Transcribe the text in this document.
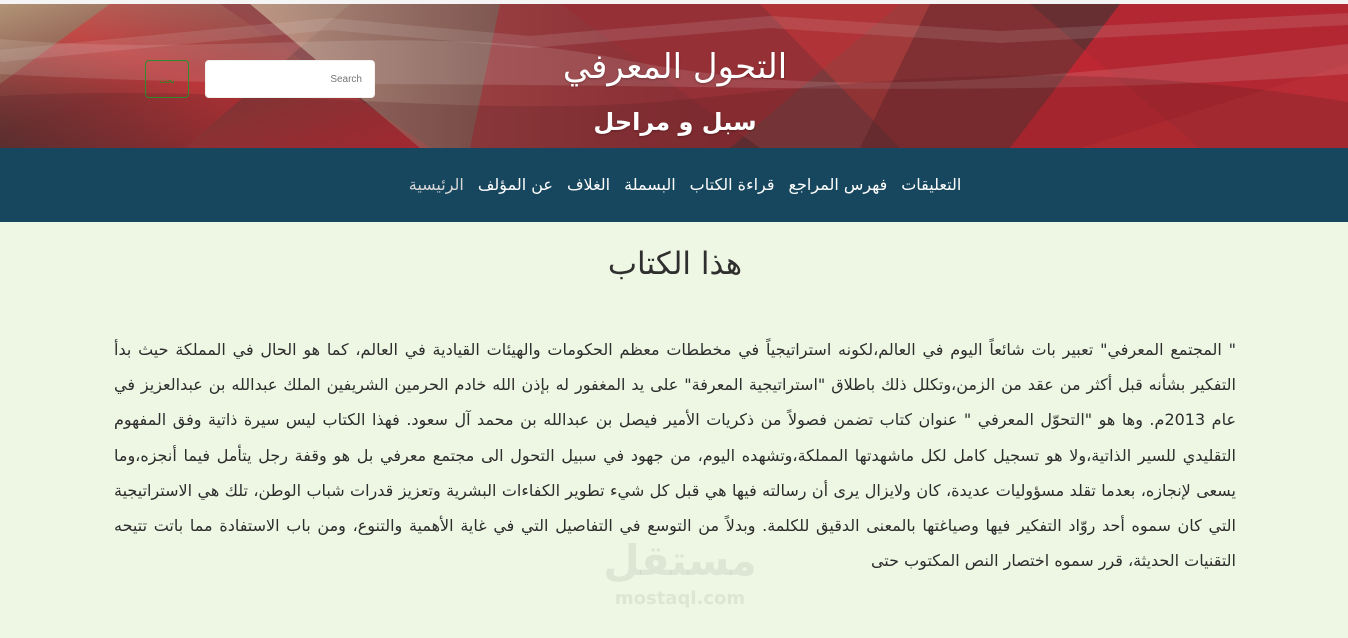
التحول المعرفي
سبل و مراحل
بحث
Search
الرئيسية عن المؤلف الغلاف البسملة قراءة الكتاب فهرس المراجع التعليقات
هذا الكتاب

" المجتمع المعرفي" تعبير بات شائعاً اليوم في العالم،لكونه استراتيجياً في مخططات معظم الحكومات والهيئات القيادية في العالم، كما هو الحال في المملكة حيث بدأ التفكير بشأنه قبل أكثر من عقد من الزمن،وتكلل ذلك باطلاق "استراتيجية المعرفة" على يد المغفور له بإذن الله خادم الحرمين الشريفين الملك عبدالله بن عبدالعزيز في عام 2013م. وها هو "التحوّل المعرفي " عنوان كتاب تضمن فصولاً من ذكريات الأمير فيصل بن عبدالله بن محمد آل سعود. فهذا الكتاب ليس سيرة ذاتية وفق المفهوم التقليدي للسير الذاتية،ولا هو تسجيل كامل لكل ماشهدتها المملكة،وتشهده اليوم، من جهود في سبيل التحول الى مجتمع معرفي بل هو وقفة رجل يتأمل فيما أنجزه،وما يسعى لإنجازه، بعدما تقلد مسؤوليات عديدة، كان ولايزال يرى أن رسالته فيها هي قبل كل شيء تطوير الكفاءات البشرية وتعزيز قدرات شباب الوطن، تلك هي الاستراتيجية التي كان سموه أحد روّاد التفكير فيها وصياغتها بالمعنى الدقيق للكلمة. وبدلاً من التوسع في التفاصيل التي في غاية الأهمية والتنوع، ومن باب الاستفادة مما باتت تتيحه التقنيات الحديثة، قرر سموه اختصار النص المكتوب حتى
